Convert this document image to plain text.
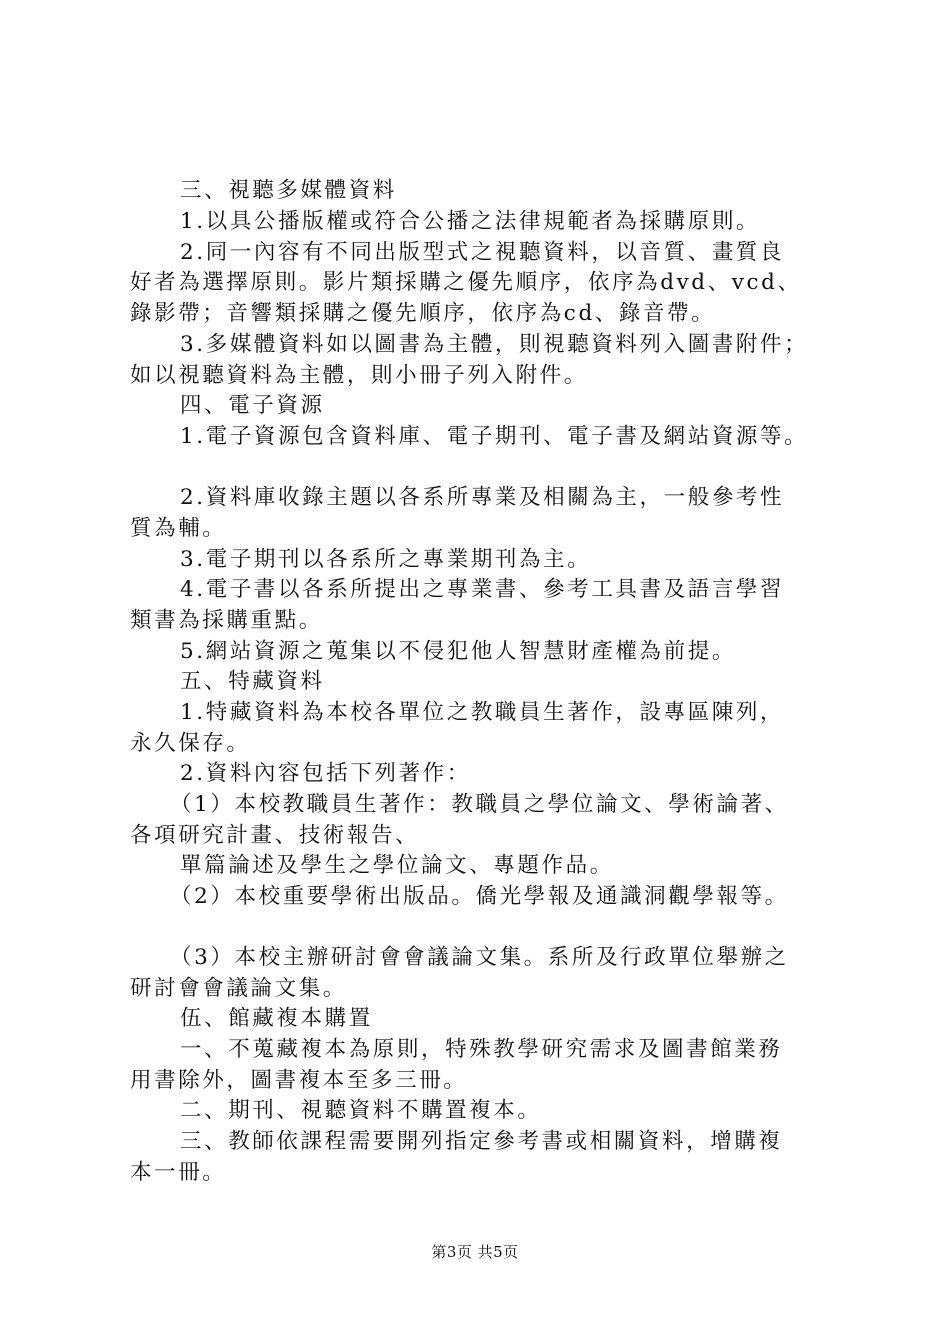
三、視聽多媒體資料
1.以具公播版權或符合公播之法律規範者為採購原則。
2.同一內容有不同出版型式之視聽資料，以音質、畫質良
好者為選擇原則。影片類採購之優先順序，依序為dvd、vcd、
錄影帶；音響類採購之優先順序，依序為cd、錄音帶。
3.多媒體資料如以圖書為主體，則視聽資料列入圖書附件；
如以視聽資料為主體，則小冊子列入附件。
四、電子資源
1.電子資源包含資料庫、電子期刊、電子書及網站資源等。
2.資料庫收錄主題以各系所專業及相關為主，一般參考性
質為輔。
3.電子期刊以各系所之專業期刊為主。
4.電子書以各系所提出之專業書、參考工具書及語言學習
類書為採購重點。
5.網站資源之蒐集以不侵犯他人智慧財產權為前提。
五、特藏資料
1.特藏資料為本校各單位之教職員生著作，設專區陳列，
永久保存。
2.資料內容包括下列著作：
（1）本校教職員生著作：教職員之學位論文、學術論著、
各項研究計畫、技術報告、
單篇論述及學生之學位論文、專題作品。
（2）本校重要學術出版品。僑光學報及通識洞觀學報等。
（3）本校主辦研討會會議論文集。系所及行政單位舉辦之
研討會會議論文集。
伍、館藏複本購置
一、不蒐藏複本為原則，特殊教學研究需求及圖書館業務
用書除外，圖書複本至多三冊。
二、期刊、視聽資料不購置複本。
三、教師依課程需要開列指定參考書或相關資料，增購複
本一冊。
第3页 共5页
